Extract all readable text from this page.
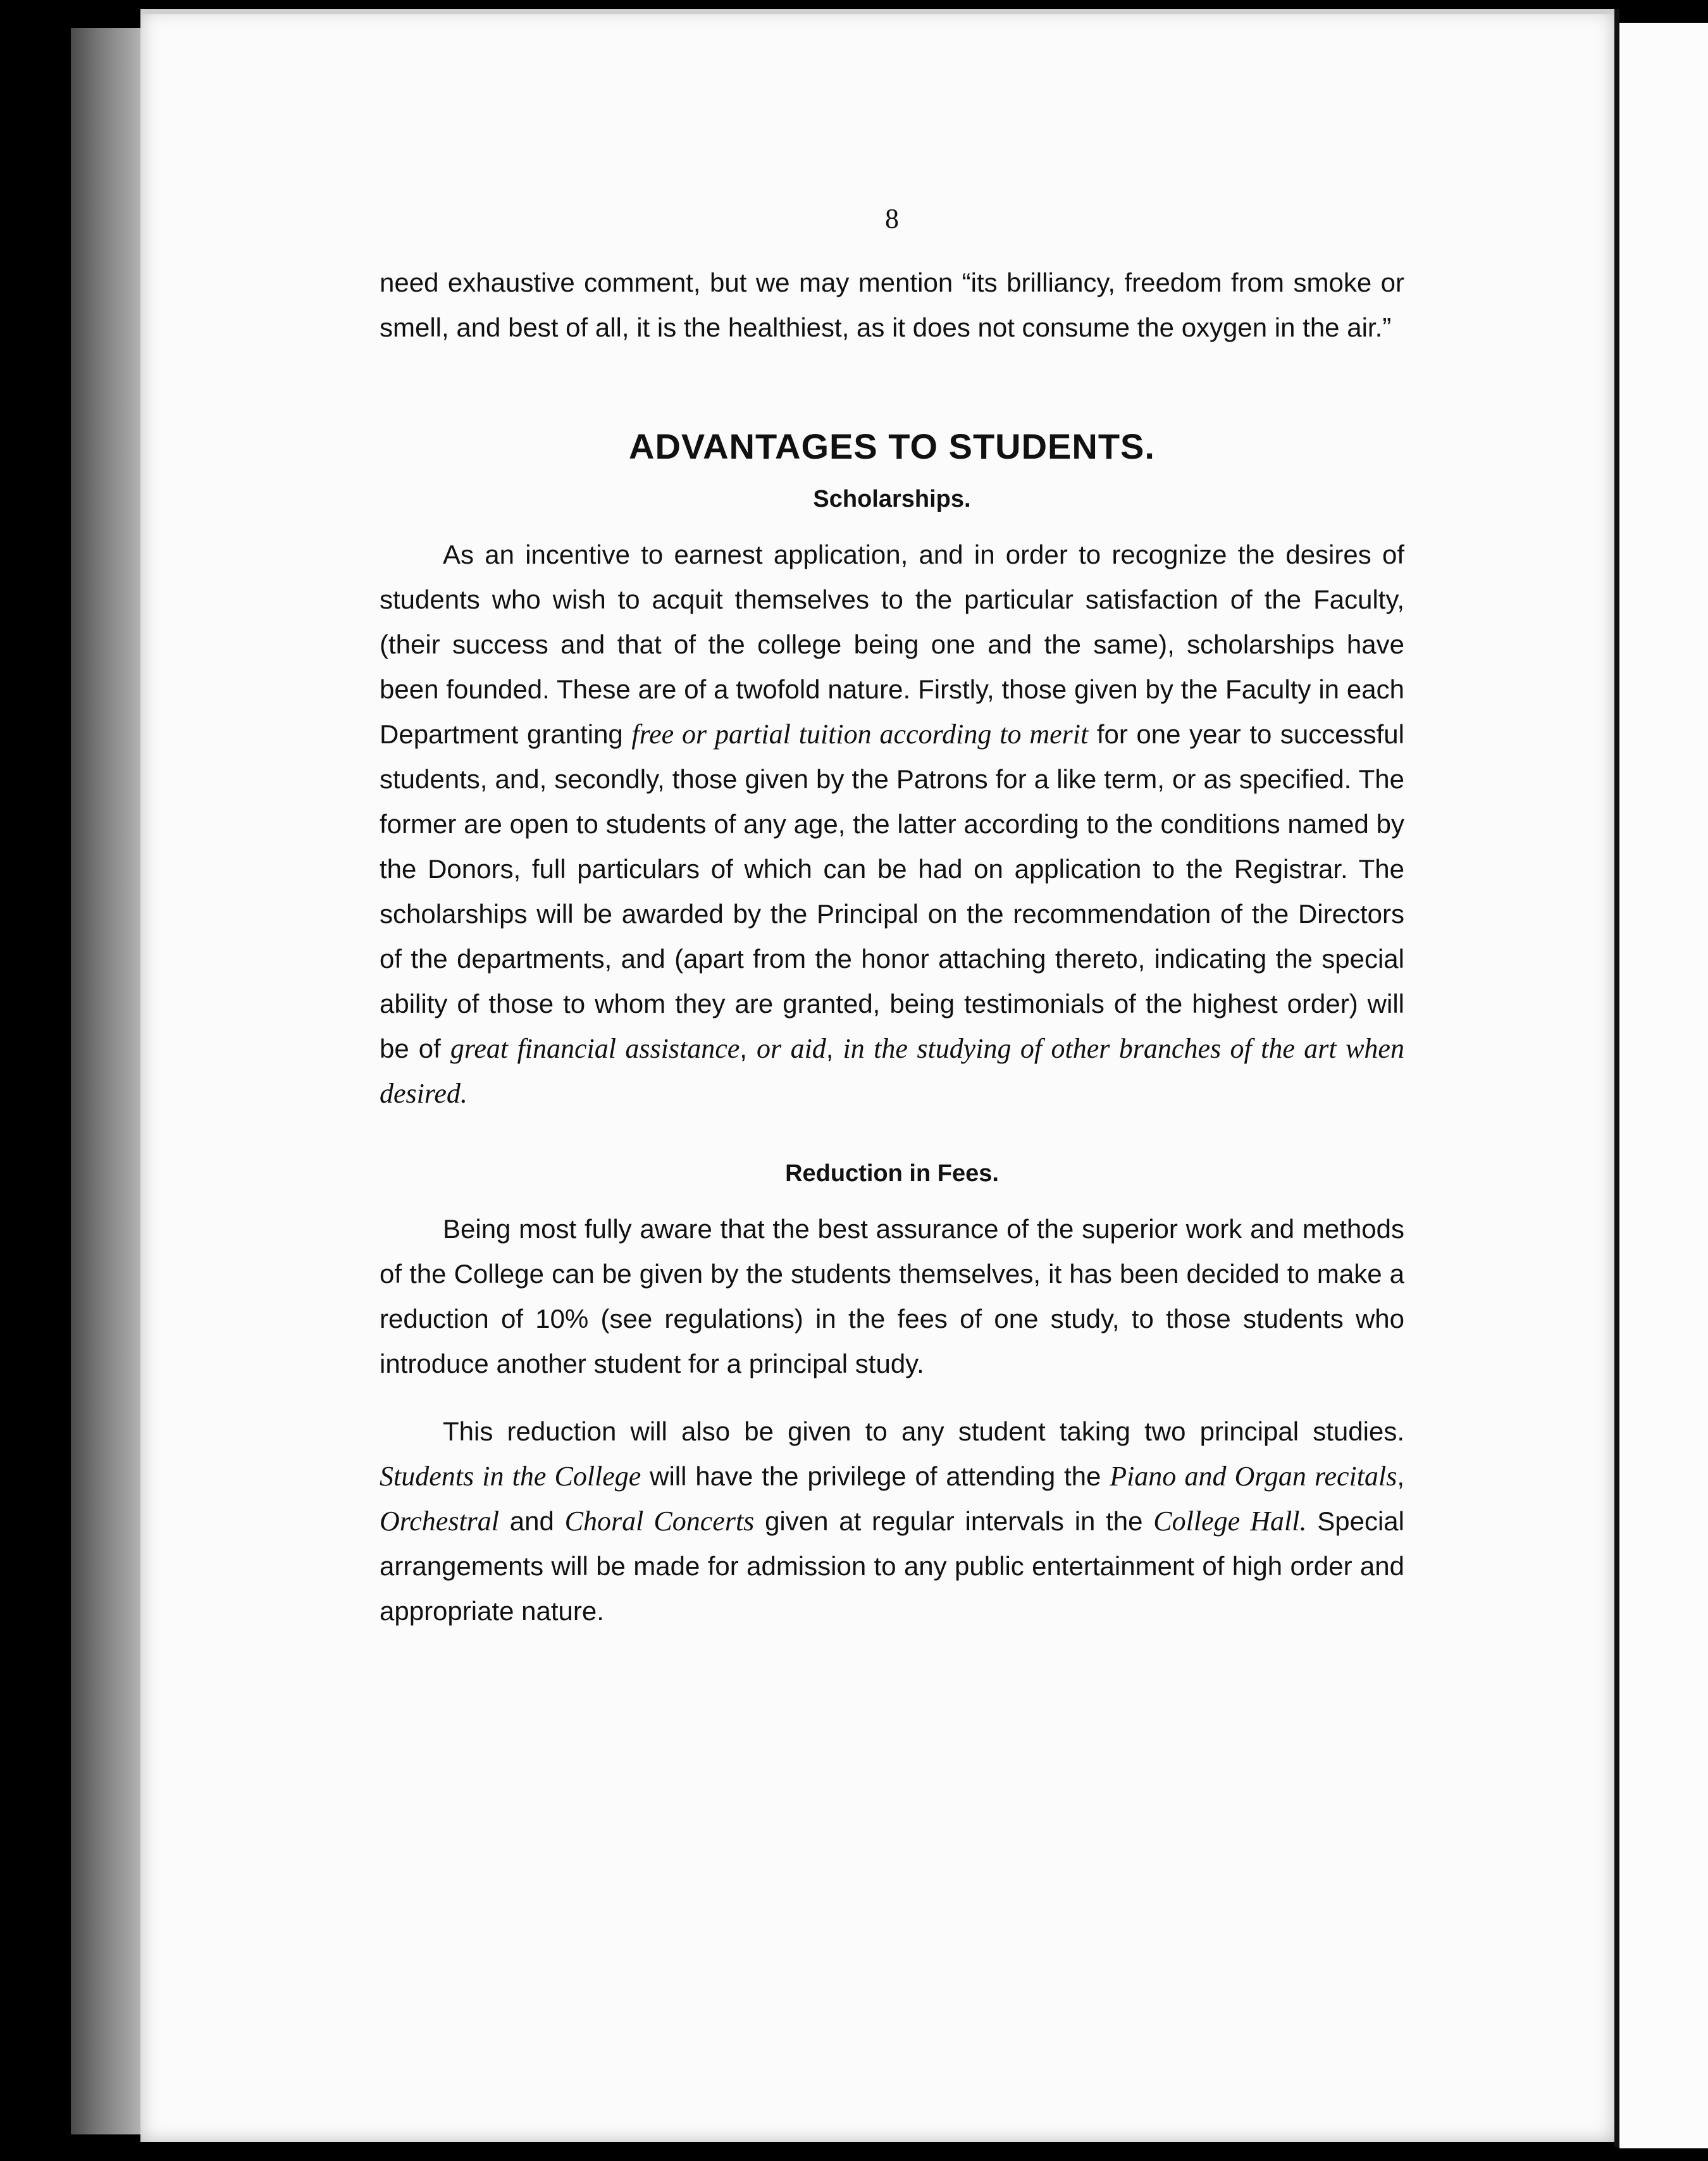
8

need exhaustive comment, but we may mention “its brilliancy, freedom from smoke or smell, and best of all, it is the healthiest, as it does not consume the oxygen in the air.”

ADVANTAGES TO STUDENTS.
Scholarships.

As an incentive to earnest application, and in order to recognize the desires of students who wish to acquit themselves to the particular satisfaction of the Faculty, (their success and that of the college being one and the same), scholarships have been founded. These are of a twofold nature. Firstly, those given by the Faculty in each Department granting free or partial tuition according to merit for one year to successful students, and, secondly, those given by the Patrons for a like term, or as specified. The former are open to students of any age, the latter according to the conditions named by the Donors, full particulars of which can be had on application to the Registrar. The scholarships will be awarded by the Principal on the recommendation of the Directors of the departments, and (apart from the honor attaching thereto, indicating the special ability of those to whom they are granted, being testimonials of the highest order) will be of great financial assistance, or aid, in the studying of other branches of the art when desired.

Reduction in Fees.

Being most fully aware that the best assurance of the superior work and methods of the College can be given by the students themselves, it has been decided to make a reduction of 10% (see regulations) in the fees of one study, to those students who introduce another student for a principal study.

This reduction will also be given to any student taking two principal studies. Students in the College will have the privilege of attending the Piano and Organ recitals, Orchestral and Choral Concerts given at regular intervals in the College Hall. Special arrangements will be made for admission to any public entertainment of high order and appropriate nature.
